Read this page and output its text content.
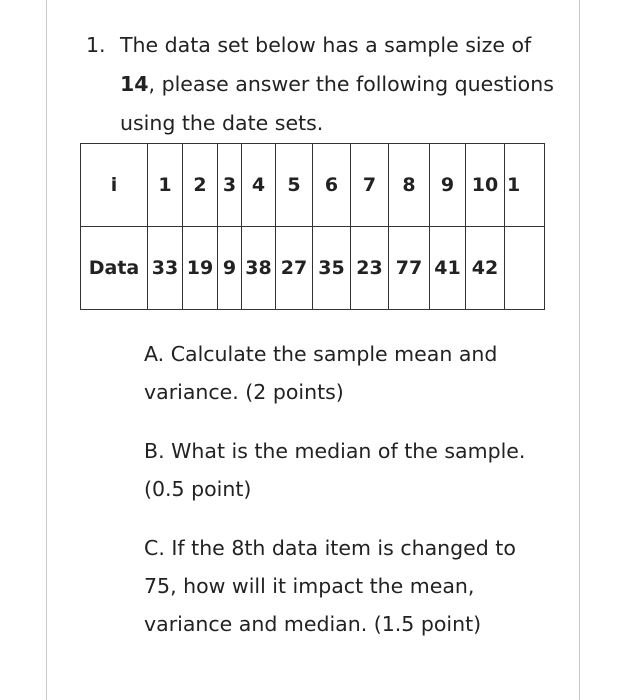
1. The data set below has a sample size of 14, please answer the following questions using the date sets.
i	1	2	3	4	5	6	7	8	9	10	1
Data	33	19	9	38	27	35	23	77	41	42	
A. Calculate the sample mean and variance. (2 points)
B. What is the median of the sample. (0.5 point)
C. If the 8th data item is changed to 75, how will it impact the mean, variance and median. (1.5 point)
